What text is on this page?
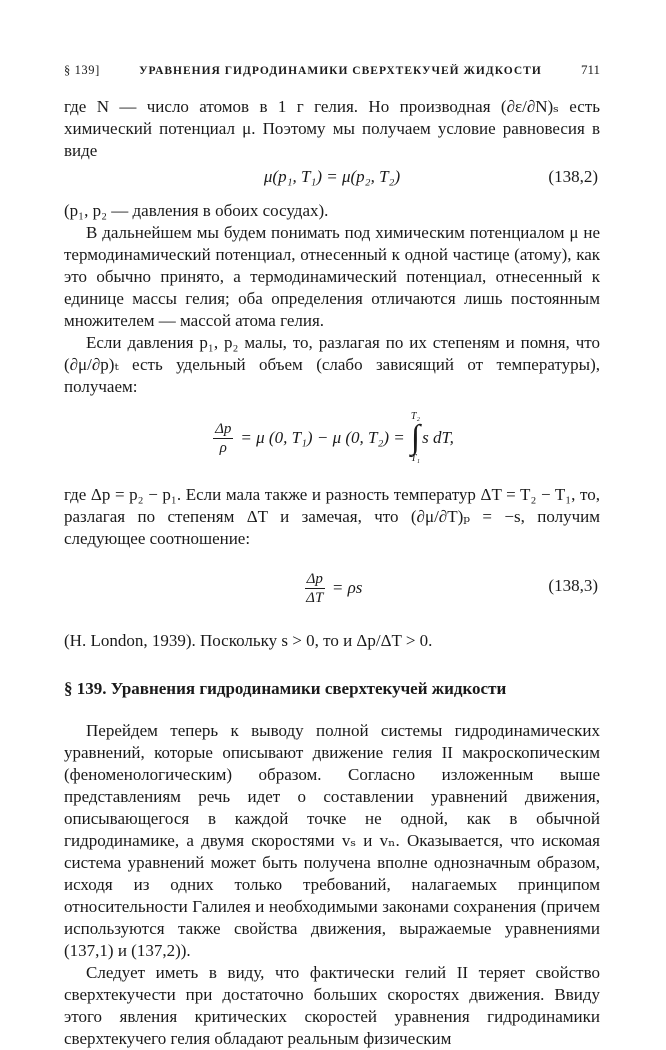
§ 139]	УРАВНЕНИЯ ГИДРОДИНАМИКИ СВЕРХТЕКУЧЕЙ ЖИДКОСТИ	711

где N — число атомов в 1 г гелия. Но производная (∂ε/∂N)ₛ есть химический потенциал μ. Поэтому мы получаем условие равновесия в виде

μ(p₁, T₁) = μ(p₂, T₂)	(138,2)

(p₁, p₂ — давления в обоих сосудах).

В дальнейшем мы будем понимать под химическим потенциалом μ не термодинамический потенциал, отнесенный к одной частице (атому), как это обычно принято, а термодинамический потенциал, отнесенный к единице массы гелия; оба определения отличаются лишь постоянным множителем — массой атома гелия.

Если давления p₁, p₂ малы, то, разлагая по их степеням и помня, что (∂μ/∂p)ₜ есть удельный объем (слабо зависящий от температуры), получаем:

$\frac{\Delta p}{\rho} = \mu$ (0, T₁) − μ (0, T₂) =
T₂
∫
T₁
s dT,

где Δp = p₂ − p₁. Если мала также и разность температур ΔT = T₂ − T₁, то, разлагая по степеням ΔT и замечая, что (∂μ/∂T)ₚ = −s, получим следующее соотношение:

$\frac{\Delta p}{\Delta T} = \rho s$	(138,3)

(H. London, 1939). Поскольку s > 0, то и Δp/ΔT > 0.

§ 139. Уравнения гидродинамики сверхтекучей жидкости

Перейдем теперь к выводу полной системы гидродинамических уравнений, которые описывают движение гелия II макроскопическим (феноменологическим) образом. Согласно изложенным выше представлениям речь идет о составлении уравнений движения, описывающегося в каждой точке не одной, как в обычной гидродинамике, а двумя скоростями vₛ и vₙ. Оказывается, что искомая система уравнений может быть получена вполне однозначным образом, исходя из одних только требований, налагаемых принципом относительности Галилея и необходимыми законами сохранения (причем используются также свойства движения, выражаемые уравнениями (137,1) и (137,2)).

Следует иметь в виду, что фактически гелий II теряет свойство сверхтекучести при достаточно больших скоростях движения. Ввиду этого явления критических скоростей уравнения гидродинамики сверхтекучего гелия обладают реальным физическим
